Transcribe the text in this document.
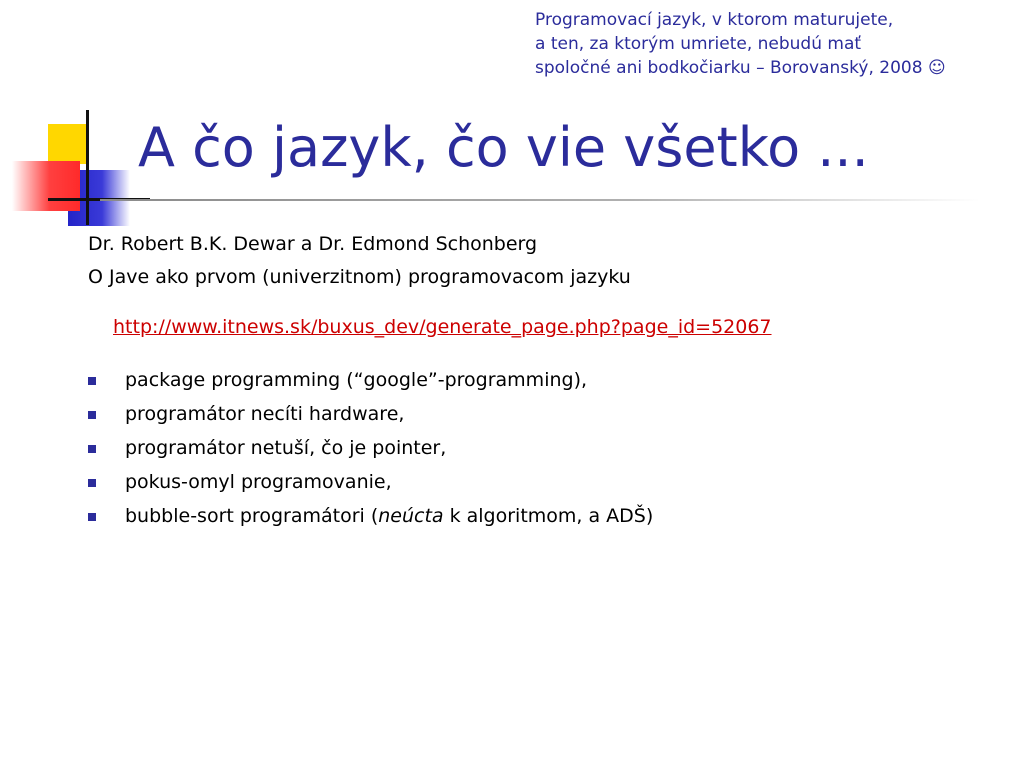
Programovací jazyk, v ktorom maturujete,
a ten, za ktorým umriete, nebudú mať
spoločné ani bodkočiarku – Borovanský, 2008 ☺
A čo jazyk, čo vie všetko ...
Dr. Robert B.K. Dewar a Dr. Edmond Schonberg
O Jave ako prvom (univerzitnom) programovacom jazyku
http://www.itnews.sk/buxus_dev/generate_page.php?page_id=52067
package programming (“google”-programming),
programátor necíti hardware,
programátor netuší, čo je pointer,
pokus-omyl programovanie,
bubble-sort programátori (neúcta k algoritmom, a ADŠ)
